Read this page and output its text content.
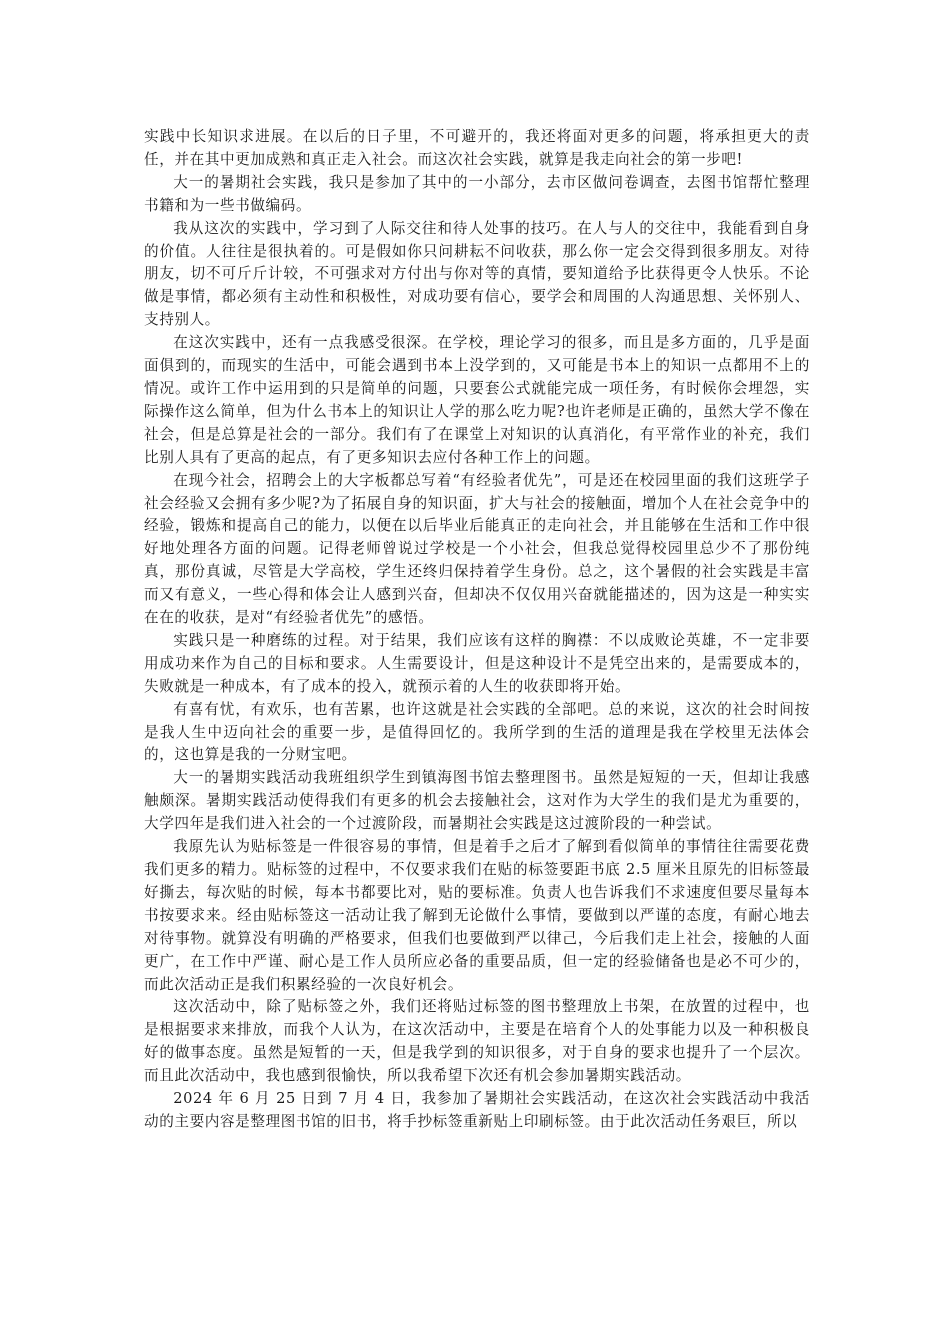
实践中长知识求进展。在以后的日子里，不可避开的，我还将面对更多的问题，将承担更大的责任，并在其中更加成熟和真正走入社会。而这次社会实践，就算是我走向社会的第一步吧!

大一的暑期社会实践，我只是参加了其中的一小部分，去市区做问卷调查，去图书馆帮忙整理书籍和为一些书做编码。

我从这次的实践中，学习到了人际交往和待人处事的技巧。在人与人的交往中，我能看到自身的价值。人往往是很执着的。可是假如你只问耕耘不问收获，那么你一定会交得到很多朋友。对待朋友，切不可斤斤计较，不可强求对方付出与你对等的真情，要知道给予比获得更令人快乐。不论做是事情，都必须有主动性和积极性，对成功要有信心，要学会和周围的人沟通思想、关怀别人、支持别人。

在这次实践中，还有一点我感受很深。在学校，理论学习的很多，而且是多方面的，几乎是面面俱到的，而现实的生活中，可能会遇到书本上没学到的，又可能是书本上的知识一点都用不上的情况。或许工作中运用到的只是简单的问题，只要套公式就能完成一项任务，有时候你会埋怨，实际操作这么简单，但为什么书本上的知识让人学的那么吃力呢?也许老师是正确的，虽然大学不像在社会，但是总算是社会的一部分。我们有了在课堂上对知识的认真消化，有平常作业的补充，我们比别人具有了更高的起点，有了更多知识去应付各种工作上的问题。

在现今社会，招聘会上的大字板都总写着“有经验者优先”，可是还在校园里面的我们这班学子社会经验又会拥有多少呢?为了拓展自身的知识面，扩大与社会的接触面，增加个人在社会竞争中的经验，锻炼和提高自己的能力，以便在以后毕业后能真正的走向社会，并且能够在生活和工作中很好地处理各方面的问题。记得老师曾说过学校是一个小社会，但我总觉得校园里总少不了那份纯真，那份真诚，尽管是大学高校，学生还终归保持着学生身份。总之，这个暑假的社会实践是丰富而又有意义，一些心得和体会让人感到兴奋，但却决不仅仅用兴奋就能描述的，因为这是一种实实在在的收获，是对“有经验者优先”的感悟。

实践只是一种磨练的过程。对于结果，我们应该有这样的胸襟：不以成败论英雄，不一定非要用成功来作为自己的目标和要求。人生需要设计，但是这种设计不是凭空出来的，是需要成本的，失败就是一种成本，有了成本的投入，就预示着的人生的收获即将开始。

有喜有忧，有欢乐，也有苦累，也许这就是社会实践的全部吧。总的来说，这次的社会时间按是我人生中迈向社会的重要一步，是值得回忆的。我所学到的生活的道理是我在学校里无法体会的，这也算是我的一分财宝吧。

大一的暑期实践活动我班组织学生到镇海图书馆去整理图书。虽然是短短的一天，但却让我感触颇深。暑期实践活动使得我们有更多的机会去接触社会，这对作为大学生的我们是尤为重要的，大学四年是我们进入社会的一个过渡阶段，而暑期社会实践是这过渡阶段的一种尝试。

我原先认为贴标签是一件很容易的事情，但是着手之后才了解到看似简单的事情往往需要花费我们更多的精力。贴标签的过程中，不仅要求我们在贴的标签要距书底 2.5 厘米且原先的旧标签最好撕去，每次贴的时候，每本书都要比对，贴的要标准。负责人也告诉我们不求速度但要尽量每本书按要求来。经由贴标签这一活动让我了解到无论做什么事情，要做到以严谨的态度，有耐心地去对待事物。就算没有明确的严格要求，但我们也要做到严以律己，今后我们走上社会，接触的人面更广，在工作中严谨、耐心是工作人员所应必备的重要品质，但一定的经验储备也是必不可少的，而此次活动正是我们积累经验的一次良好机会。

这次活动中，除了贴标签之外，我们还将贴过标签的图书整理放上书架，在放置的过程中，也是根据要求来排放，而我个人认为，在这次活动中，主要是在培育个人的处事能力以及一种积极良好的做事态度。虽然是短暂的一天，但是我学到的知识很多，对于自身的要求也提升了一个层次。而且此次活动中，我也感到很愉快，所以我希望下次还有机会参加暑期实践活动。

2024 年 6 月 25 日到 7 月 4 日，我参加了暑期社会实践活动，在这次社会实践活动中我活动的主要内容是整理图书馆的旧书，将手抄标签重新贴上印刷标签。由于此次活动任务艰巨，所以
